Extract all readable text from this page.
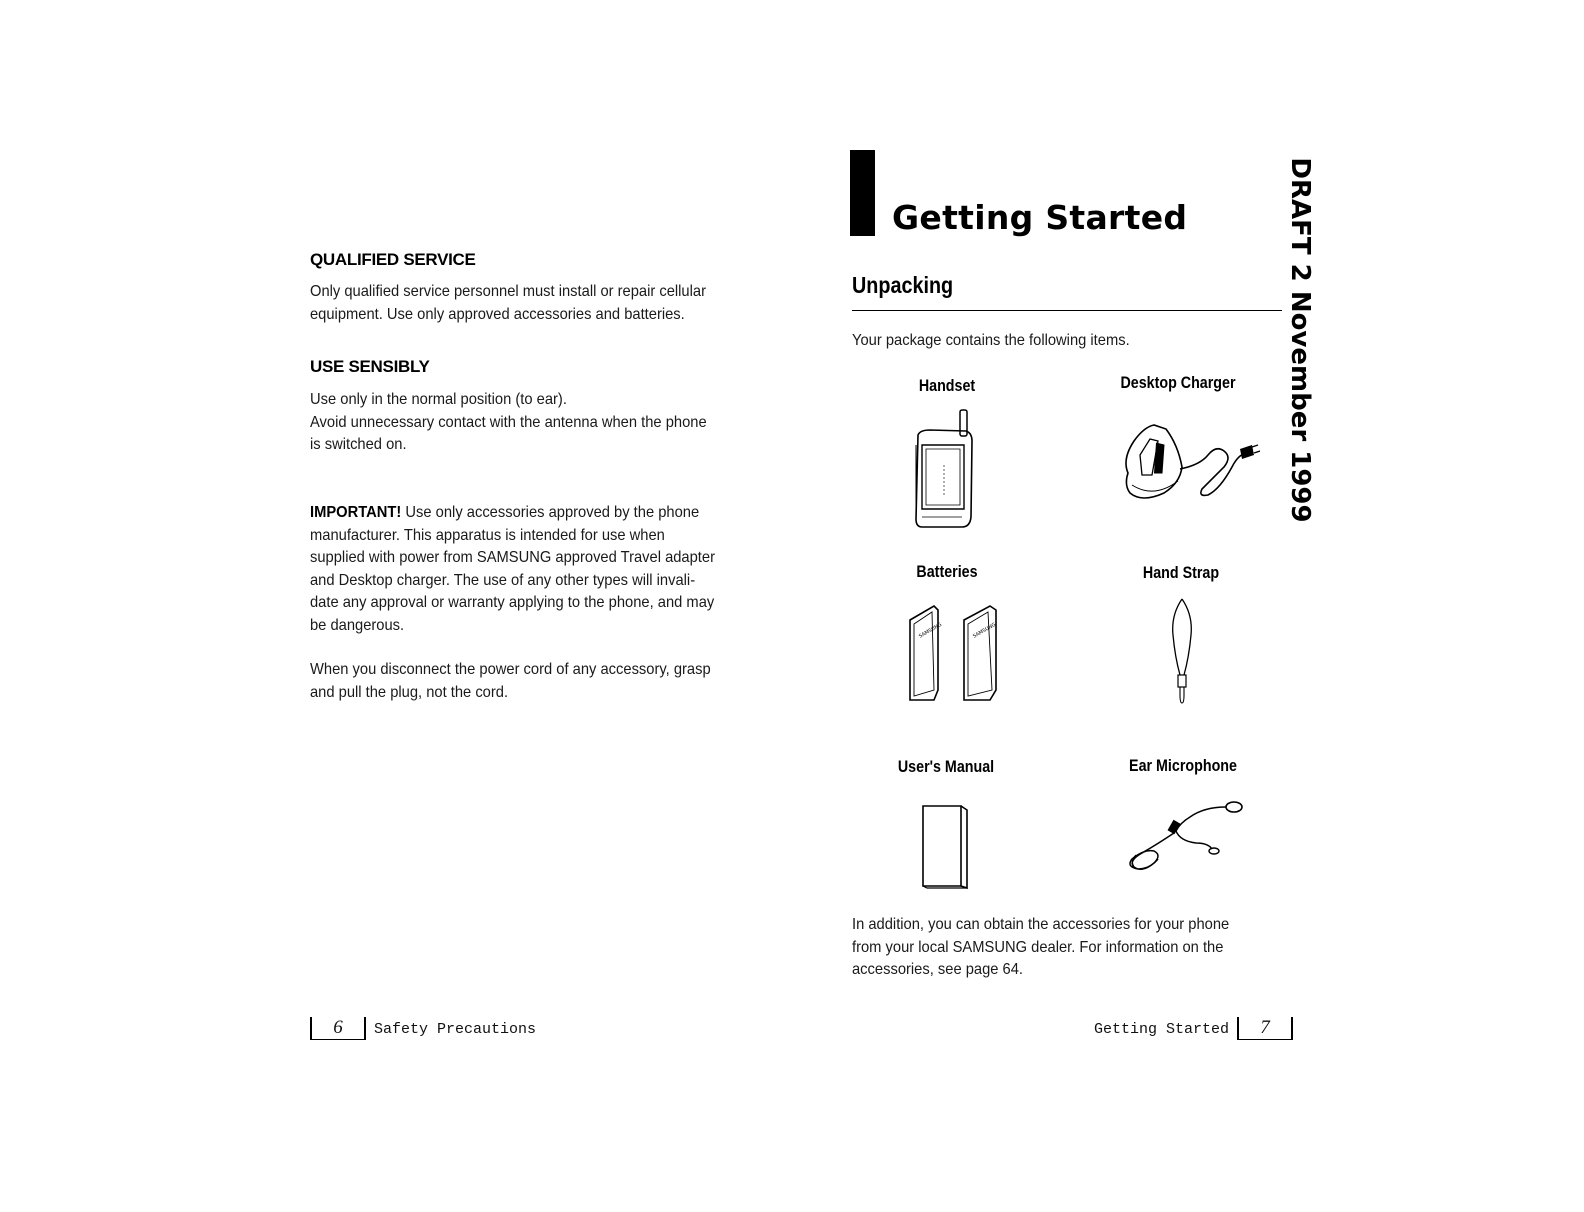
QUALIFIED SERVICE
Only qualified service personnel must install or repair cellular
equipment. Use only approved accessories and batteries.
USE SENSIBLY
Use only in the normal position (to ear).
Avoid unnecessary contact with the antenna when the phone
is switched on.
IMPORTANT! Use only accessories approved by the phone
manufacturer. This apparatus is intended for use when
supplied with power from SAMSUNG approved Travel adapter
and Desktop charger. The use of any other types will invali-
date any approval or warranty applying to the phone, and may
be dangerous.
When you disconnect the power cord of any accessory, grasp
and pull the plug, not the cord.
6	Safety Precautions
Getting Started
Unpacking
Your package contains the following items.
Handset	Desktop Charger
Batteries	Hand Strap
User's Manual	Ear Microphone
SAMSUNG	SAMSUNG
In addition, you can obtain the accessories for your phone
from your local SAMSUNG dealer. For information on the
accessories, see page 64.
Getting Started	7
DRAFT 2 November 1999
